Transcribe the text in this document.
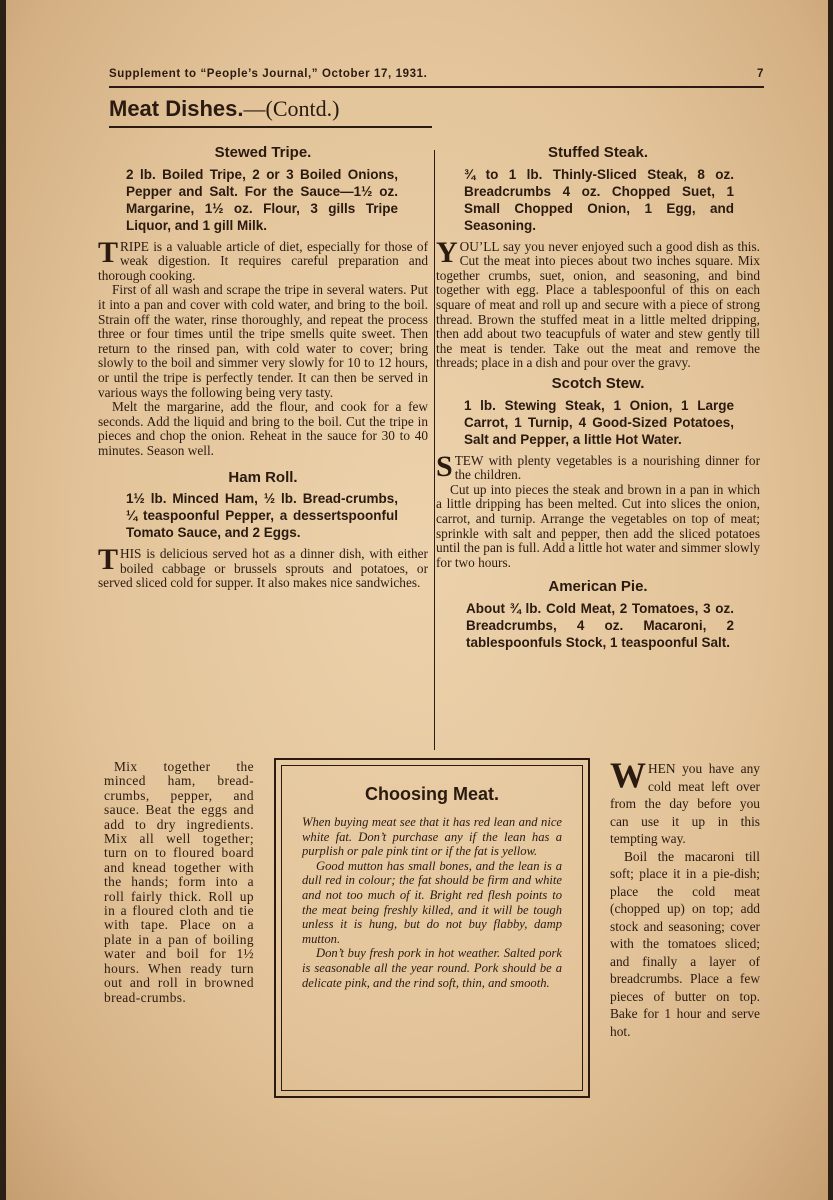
Supplement to “People’s Journal,” October 17, 1931.	7
Meat Dishes.—(Contd.)
Stewed Tripe.
2 lb. Boiled Tripe, 2 or 3 Boiled Onions, Pepper and Salt. For the Sauce—1½ oz. Margarine, 1½ oz. Flour, 3 gills Tripe Liquor, and 1 gill Milk.

TRIPE is a valuable article of diet, especially for those of weak digestion. It requires careful preparation and thorough cooking.

First of all wash and scrape the tripe in several waters. Put it into a pan and cover with cold water, and bring to the boil. Strain off the water, rinse thoroughly, and repeat the process three or four times until the tripe smells quite sweet. Then return to the rinsed pan, with cold water to cover; bring slowly to the boil and simmer very slowly for 10 to 12 hours, or until the tripe is perfectly tender. It can then be served in various ways the following being very tasty.

Melt the margarine, add the flour, and cook for a few seconds. Add the liquid and bring to the boil. Cut the tripe in pieces and chop the onion. Reheat in the sauce for 30 to 40 minutes. Season well.

Ham Roll.
1½ lb. Minced Ham, ½ lb. Bread-crumbs, ¼ teaspoonful Pepper, a dessertspoonful Tomato Sauce, and 2 Eggs.

THIS is delicious served hot as a dinner dish, with either boiled cabbage or brussels sprouts and potatoes, or served sliced cold for supper. It also makes nice sandwiches.

Mix together the minced ham, bread-crumbs, pepper, and sauce. Beat the eggs and add to dry ingredients. Mix all well together; turn on to floured board and knead together with the hands; form into a roll fairly thick. Roll up in a floured cloth and tie with tape. Place on a plate in a pan of boiling water and boil for 1½ hours. When ready turn out and roll in browned bread-crumbs.

Choosing Meat.

When buying meat see that it has red lean and nice white fat. Don’t purchase any if the lean has a purplish or pale pink tint or if the fat is yellow.

Good mutton has small bones, and the lean is a dull red in colour; the fat should be firm and white and not too much of it. Bright red flesh points to the meat being freshly killed, and it will be tough unless it is hung, but do not buy flabby, damp mutton.

Don’t buy fresh pork in hot weather. Salted pork is seasonable all the year round. Pork should be a delicate pink, and the rind soft, thin, and smooth.

Stuffed Steak.
¾ to 1 lb. Thinly-Sliced Steak, 8 oz. Breadcrumbs 4 oz. Chopped Suet, 1 Small Chopped Onion, 1 Egg, and Seasoning.

YOU’LL say you never enjoyed such a good dish as this. Cut the meat into pieces about two inches square. Mix together crumbs, suet, onion, and seasoning, and bind together with egg. Place a tablespoonful of this on each square of meat and roll up and secure with a piece of strong thread. Brown the stuffed meat in a little melted dripping, then add about two teacupfuls of water and stew gently till the meat is tender. Take out the meat and remove the threads; place in a dish and pour over the gravy.

Scotch Stew.
1 lb. Stewing Steak, 1 Onion, 1 Large Carrot, 1 Turnip, 4 Good-Sized Potatoes, Salt and Pepper, a little Hot Water.

STEW with plenty vegetables is a nourishing dinner for the children.

Cut up into pieces the steak and brown in a pan in which a little dripping has been melted. Cut into slices the onion, carrot, and turnip. Arrange the vegetables on top of meat; sprinkle with salt and pepper, then add the sliced potatoes until the pan is full. Add a little hot water and simmer slowly for two hours.

American Pie.
About ¾ lb. Cold Meat, 2 Tomatoes, 3 oz. Breadcrumbs, 4 oz. Macaroni, 2 tablespoonfuls Stock, 1 teaspoonful Salt.

WHEN you have any cold meat left over from the day before you can use it up in this tempting way.

Boil the macaroni till soft; place it in a pie-dish; place the cold meat (chopped up) on top; add stock and seasoning; cover with the tomatoes sliced; and finally a layer of breadcrumbs. Place a few pieces of butter on top. Bake for 1 hour and serve hot.
